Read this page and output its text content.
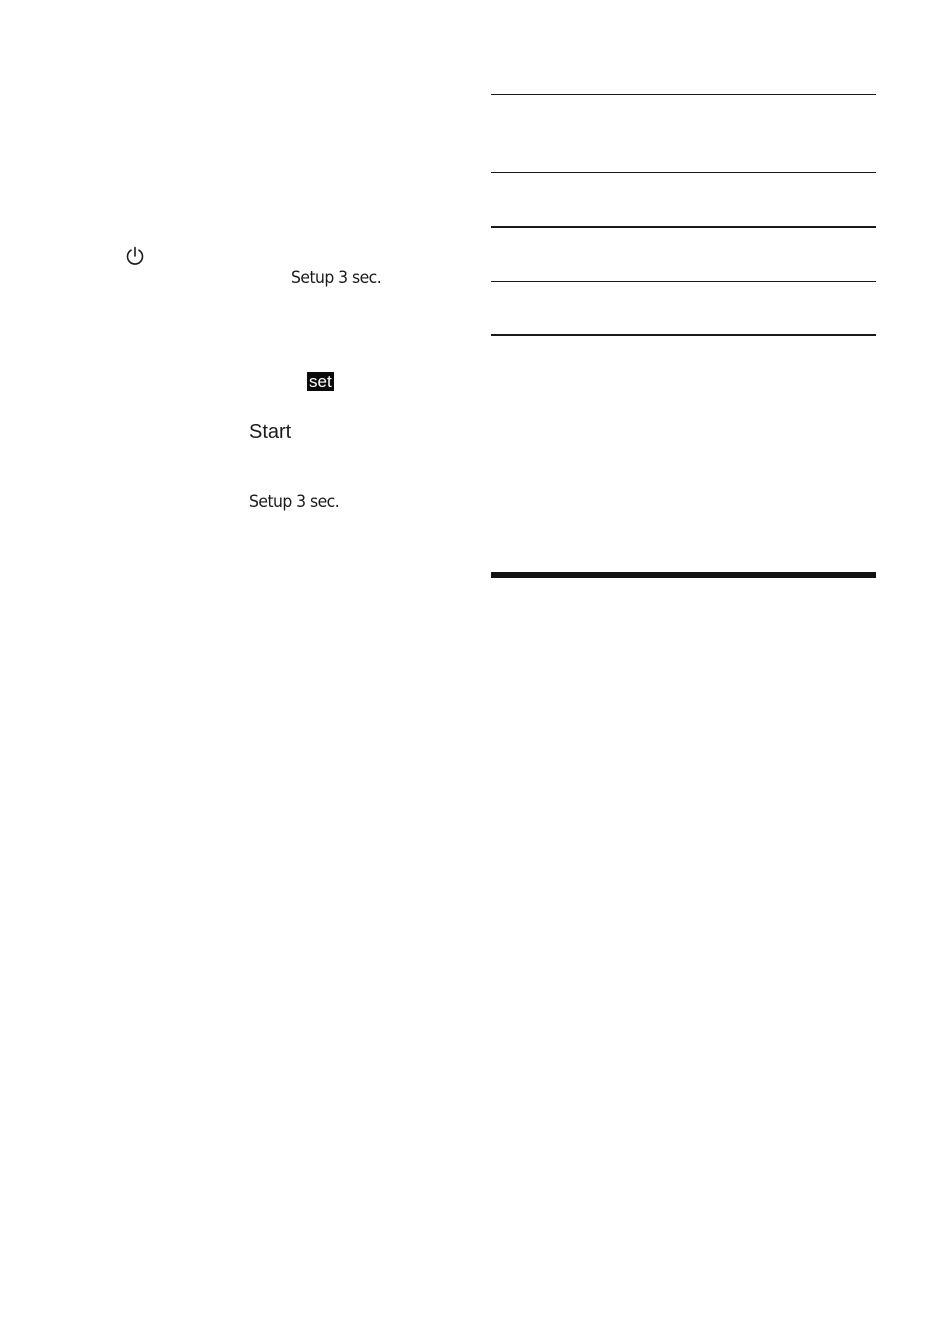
Setup 3 sec.
set
Start
Setup 3 sec.
